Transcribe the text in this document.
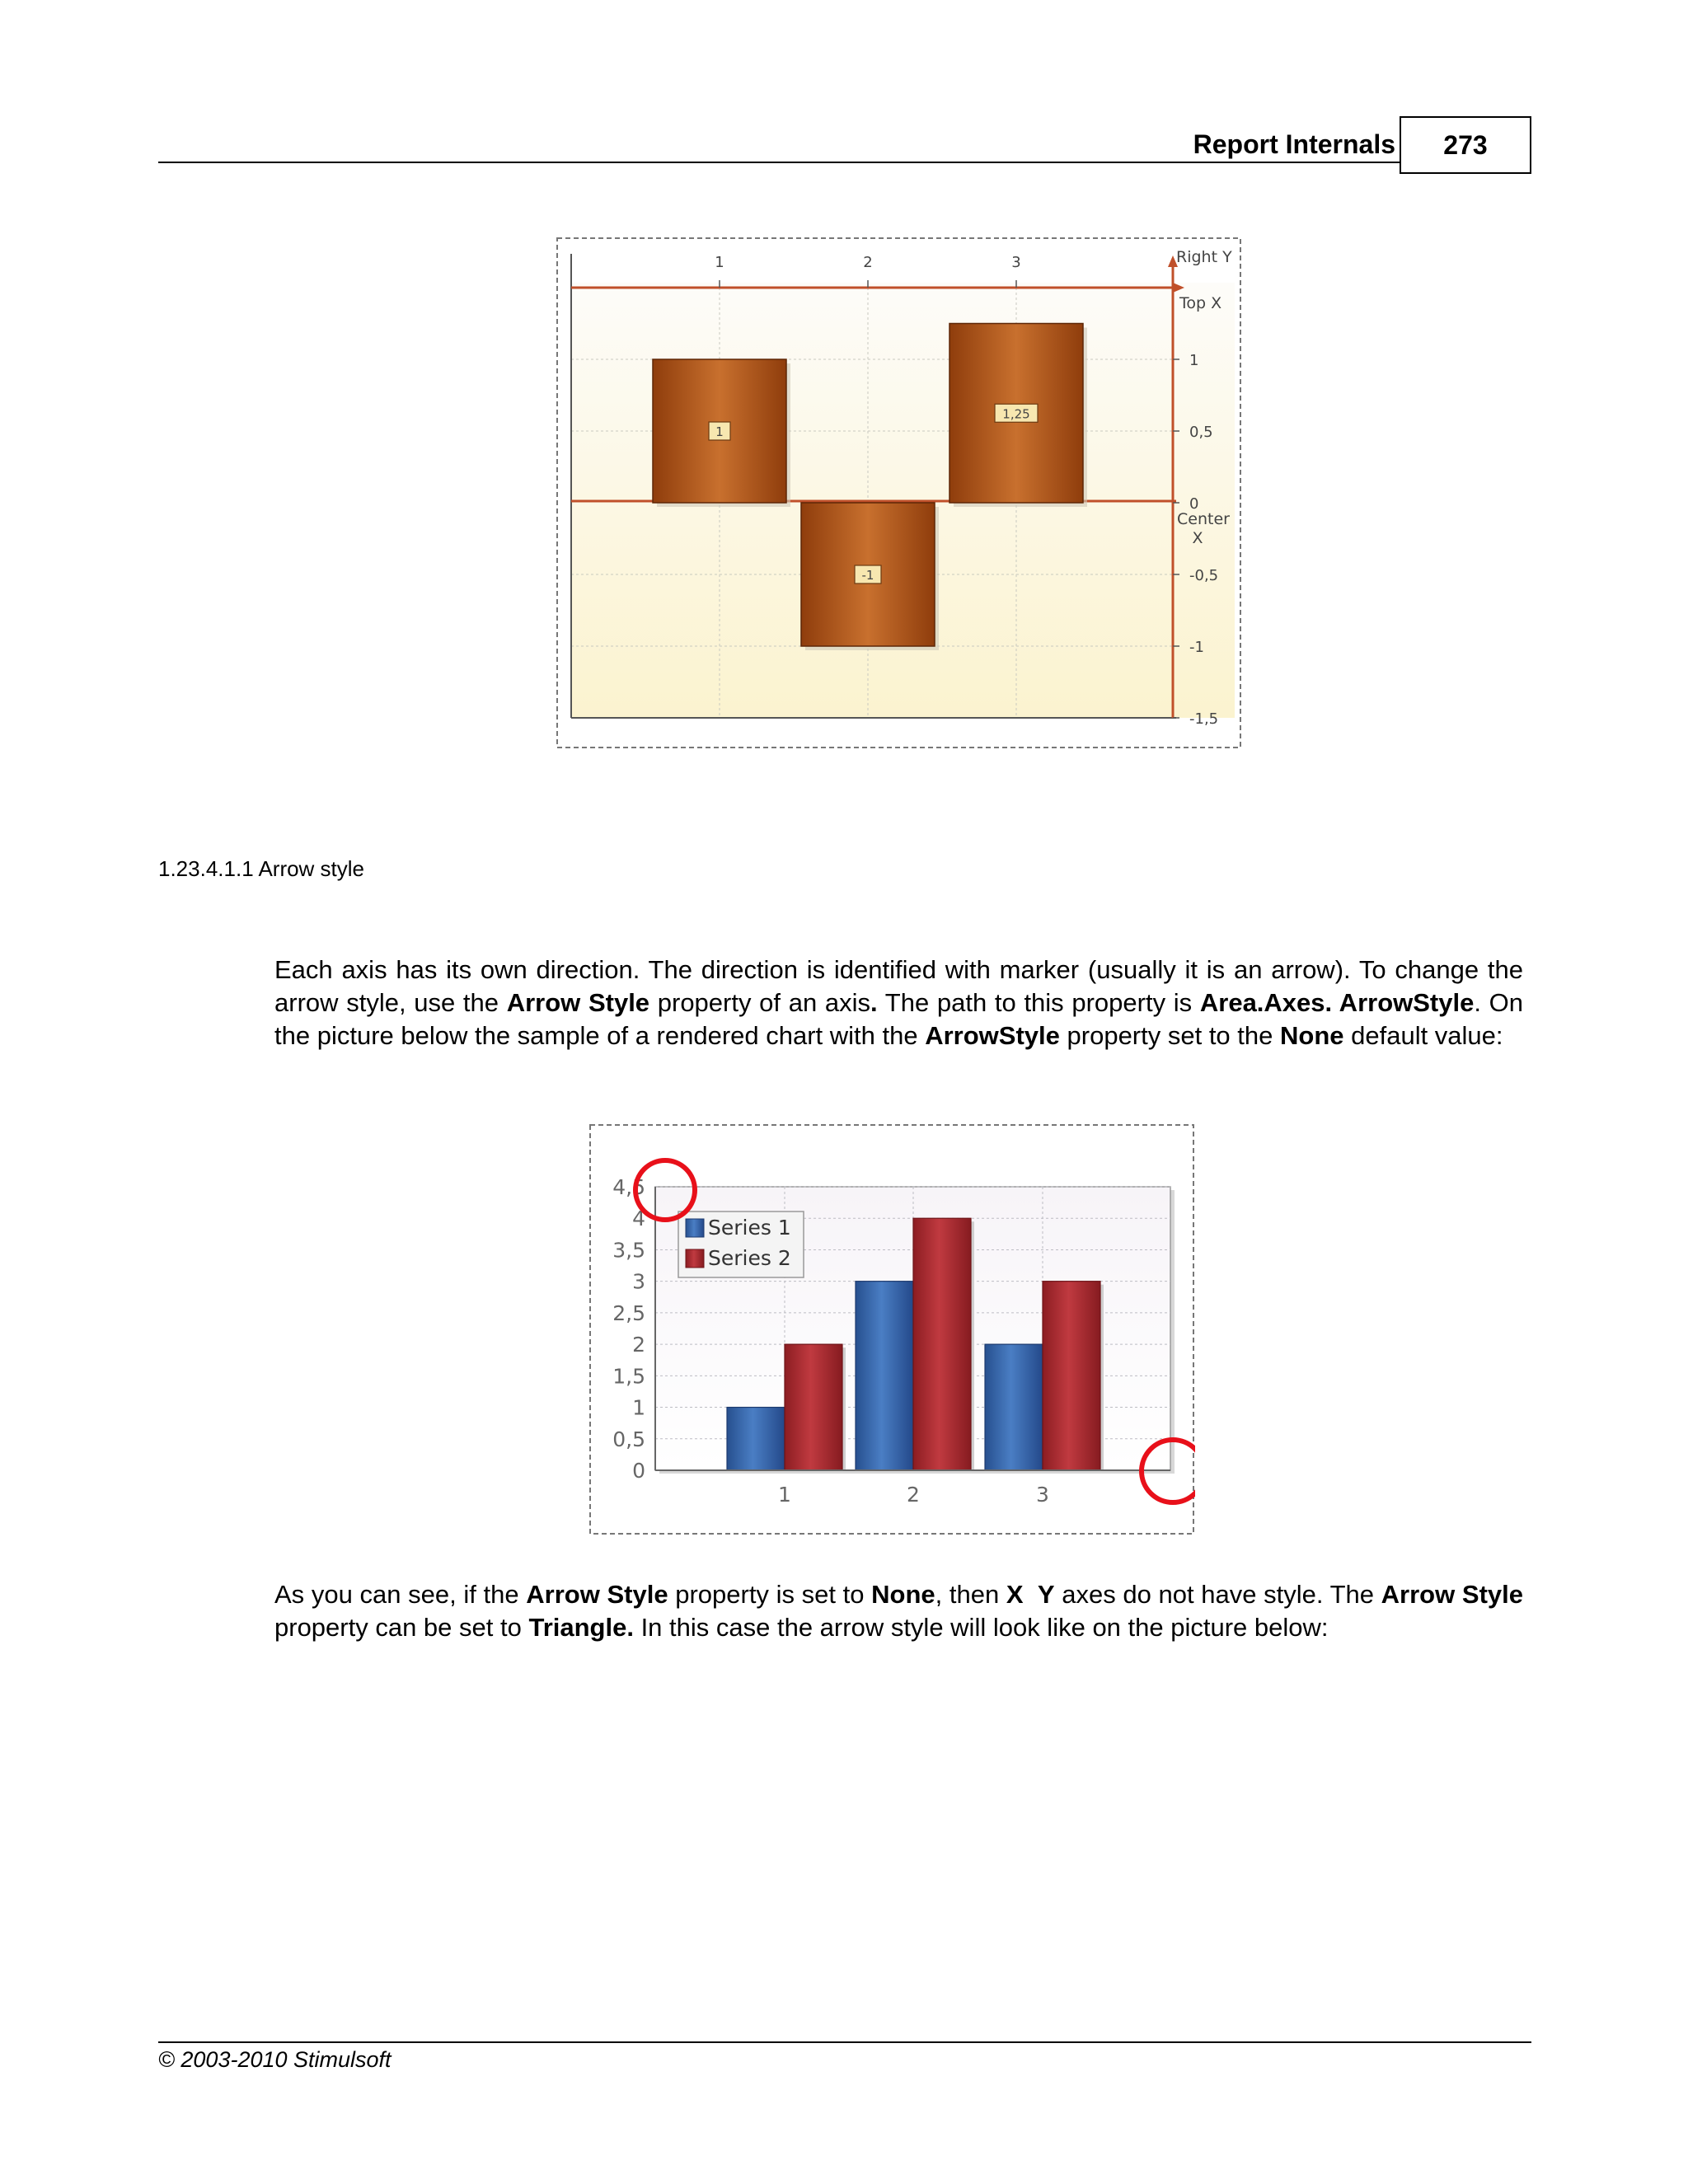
Report Internals	273
1
-1
1,25
1	2	3
1
0,5
0
-0,5
-1
-1,5
Right Y
Top X
Center
X
1.23.4.1.1 Arrow style

Each axis has its own direction. The direction is identified with marker (usually it is an arrow). To change the arrow style, use the Arrow Style property of an axis. The path to this property is Area.Axes. ArrowStyle. On the picture below the sample of a rendered chart with the ArrowStyle property set to the None default value:

0
0,5
1
1,5
2
2,5
3
3,5
4
4,5
1	2	3
Series 1
Series 2

As you can see, if the Arrow Style property is set to None, then X Y axes do not have style. The Arrow Style property can be set to Triangle. In this case the arrow style will look like on the picture below:

© 2003-2010 Stimulsoft
